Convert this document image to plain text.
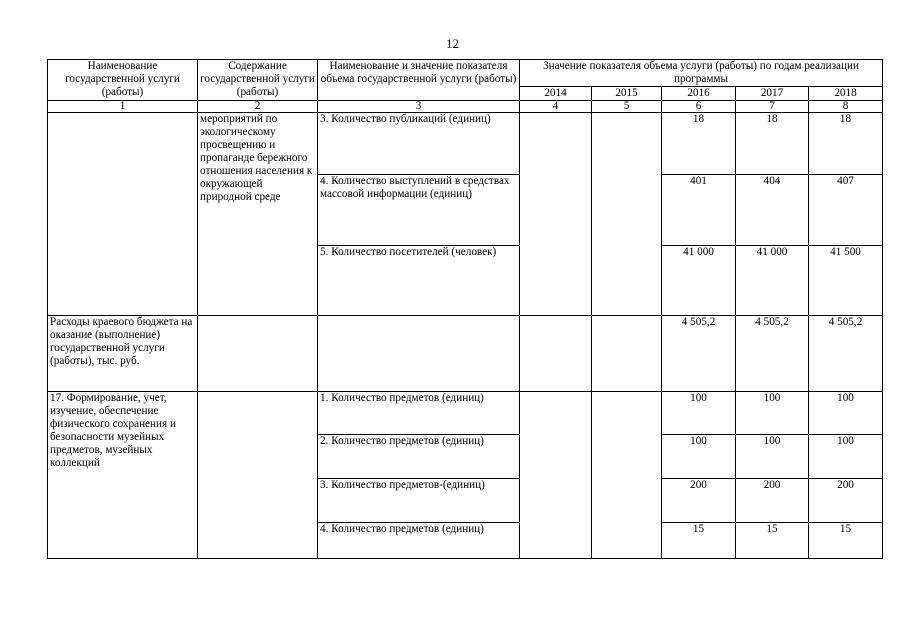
12
Наименование государственной услуги (работы)	Содержание государственной услуги (работы)	Наименование и значение показателя объема государственной услуги (работы)	Значение показателя объема услуги (работы) по годам реализации программы				
			2014	2015	2016	2017	2018
1	2	3	4	5	6	7	8
	мероприятий по экологическому просвещению и пропаганде бережного отношения населения к окружающей природной среде	3. Количество публикаций (единиц)			18	18	18
		4. Количество выступлений в средствах массовой информации (единиц)			401	404	407
		5. Количество посетителей (человек)			41 000	41 000	41 500
Расходы краевого бюджета на оказание (выполнение) государственной услуги (работы), тыс. руб.					4 505,2	4 505,2	4 505,2
17. Формирование, учет, изучение, обеспечение физического сохранения и безопасности музейных предметов, музейных коллекций		1. Количество предметов (единиц)			100	100	100
		2. Количество предметов (единиц)			100	100	100
		3. Количество предметов-(единиц)			200	200	200
		4. Количество предметов (единиц)			15	15	15
